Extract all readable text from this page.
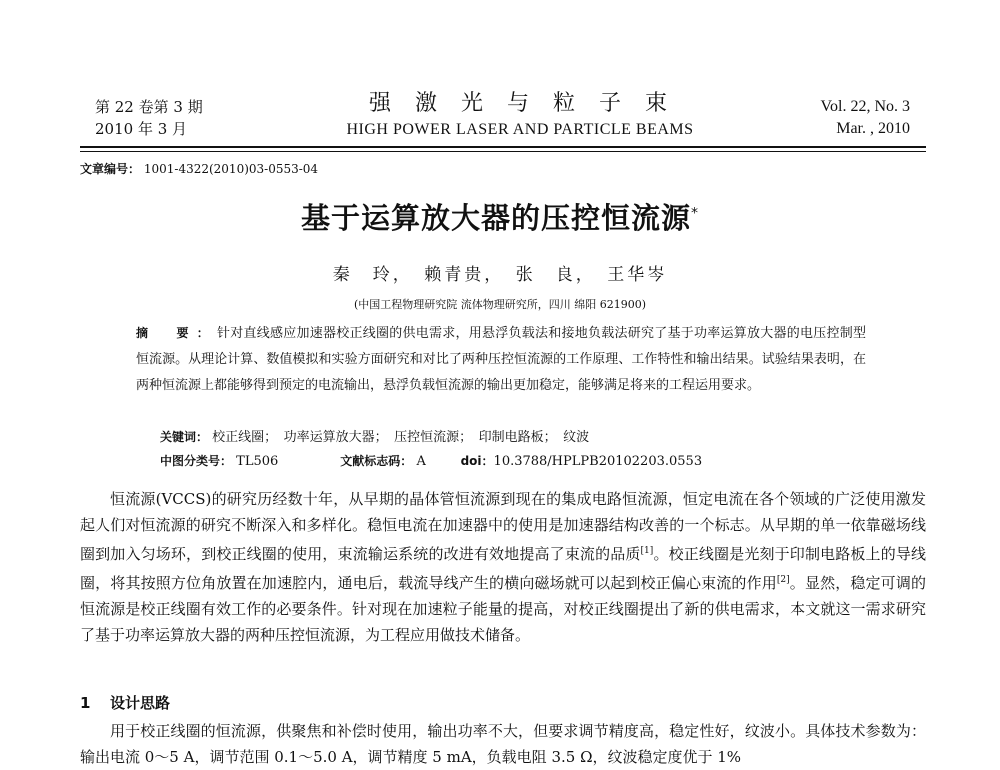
第 22 卷第 3 期
2010 年 3 月
强激光与粒子束
HIGH POWER LASER AND PARTICLE BEAMS
Vol. 22, No. 3
Mar. , 2010
文章编号： 1001-4322(2010)03-0553-04
基于运算放大器的压控恒流源*
秦　玲，　赖青贵，　张　良，　王华岑
(中国工程物理研究院 流体物理研究所，四川 绵阳 621900)
摘　要：针对直线感应加速器校正线圈的供电需求，用悬浮负载法和接地负载法研究了基于功率运算放大器的电压控制型恒流源。从理论计算、数值模拟和实验方面研究和对比了两种压控恒流源的工作原理、工作特性和输出结果。试验结果表明，在两种恒流源上都能够得到预定的电流输出，悬浮负载恒流源的输出更加稳定，能够满足将来的工程运用要求。
关键词： 校正线圈；　功率运算放大器；　压控恒流源；　印制电路板；　纹波
中图分类号： TL506	文献标志码： A	doi：10.3788/HPLPB20102203.0553

恒流源(VCCS)的研究历经数十年，从早期的晶体管恒流源到现在的集成电路恒流源，恒定电流在各个领域的广泛使用激发起人们对恒流源的研究不断深入和多样化。稳恒电流在加速器中的使用是加速器结构改善的一个标志。从早期的单一依靠磁场线圈到加入匀场环，到校正线圈的使用，束流输运系统的改进有效地提高了束流的品质[1]。校正线圈是光刻于印制电路板上的导线圈，将其按照方位角放置在加速腔内，通电后，载流导线产生的横向磁场就可以起到校正偏心束流的作用[2]。显然，稳定可调的恒流源是校正线圈有效工作的必要条件。针对现在加速粒子能量的提高，对校正线圈提出了新的供电需求，本文就这一需求研究了基于功率运算放大器的两种压控恒流源，为工程应用做技术储备。

1 设计思路

用于校正线圈的恒流源，供聚焦和补偿时使用，输出功率不大，但要求调节精度高，稳定性好，纹波小。具体技术参数为：输出电流 0～5 A，调节范围 0.1～5.0 A，调节精度 5 mA，负载电阻 3.5 Ω，纹波稳定度优于 1%
